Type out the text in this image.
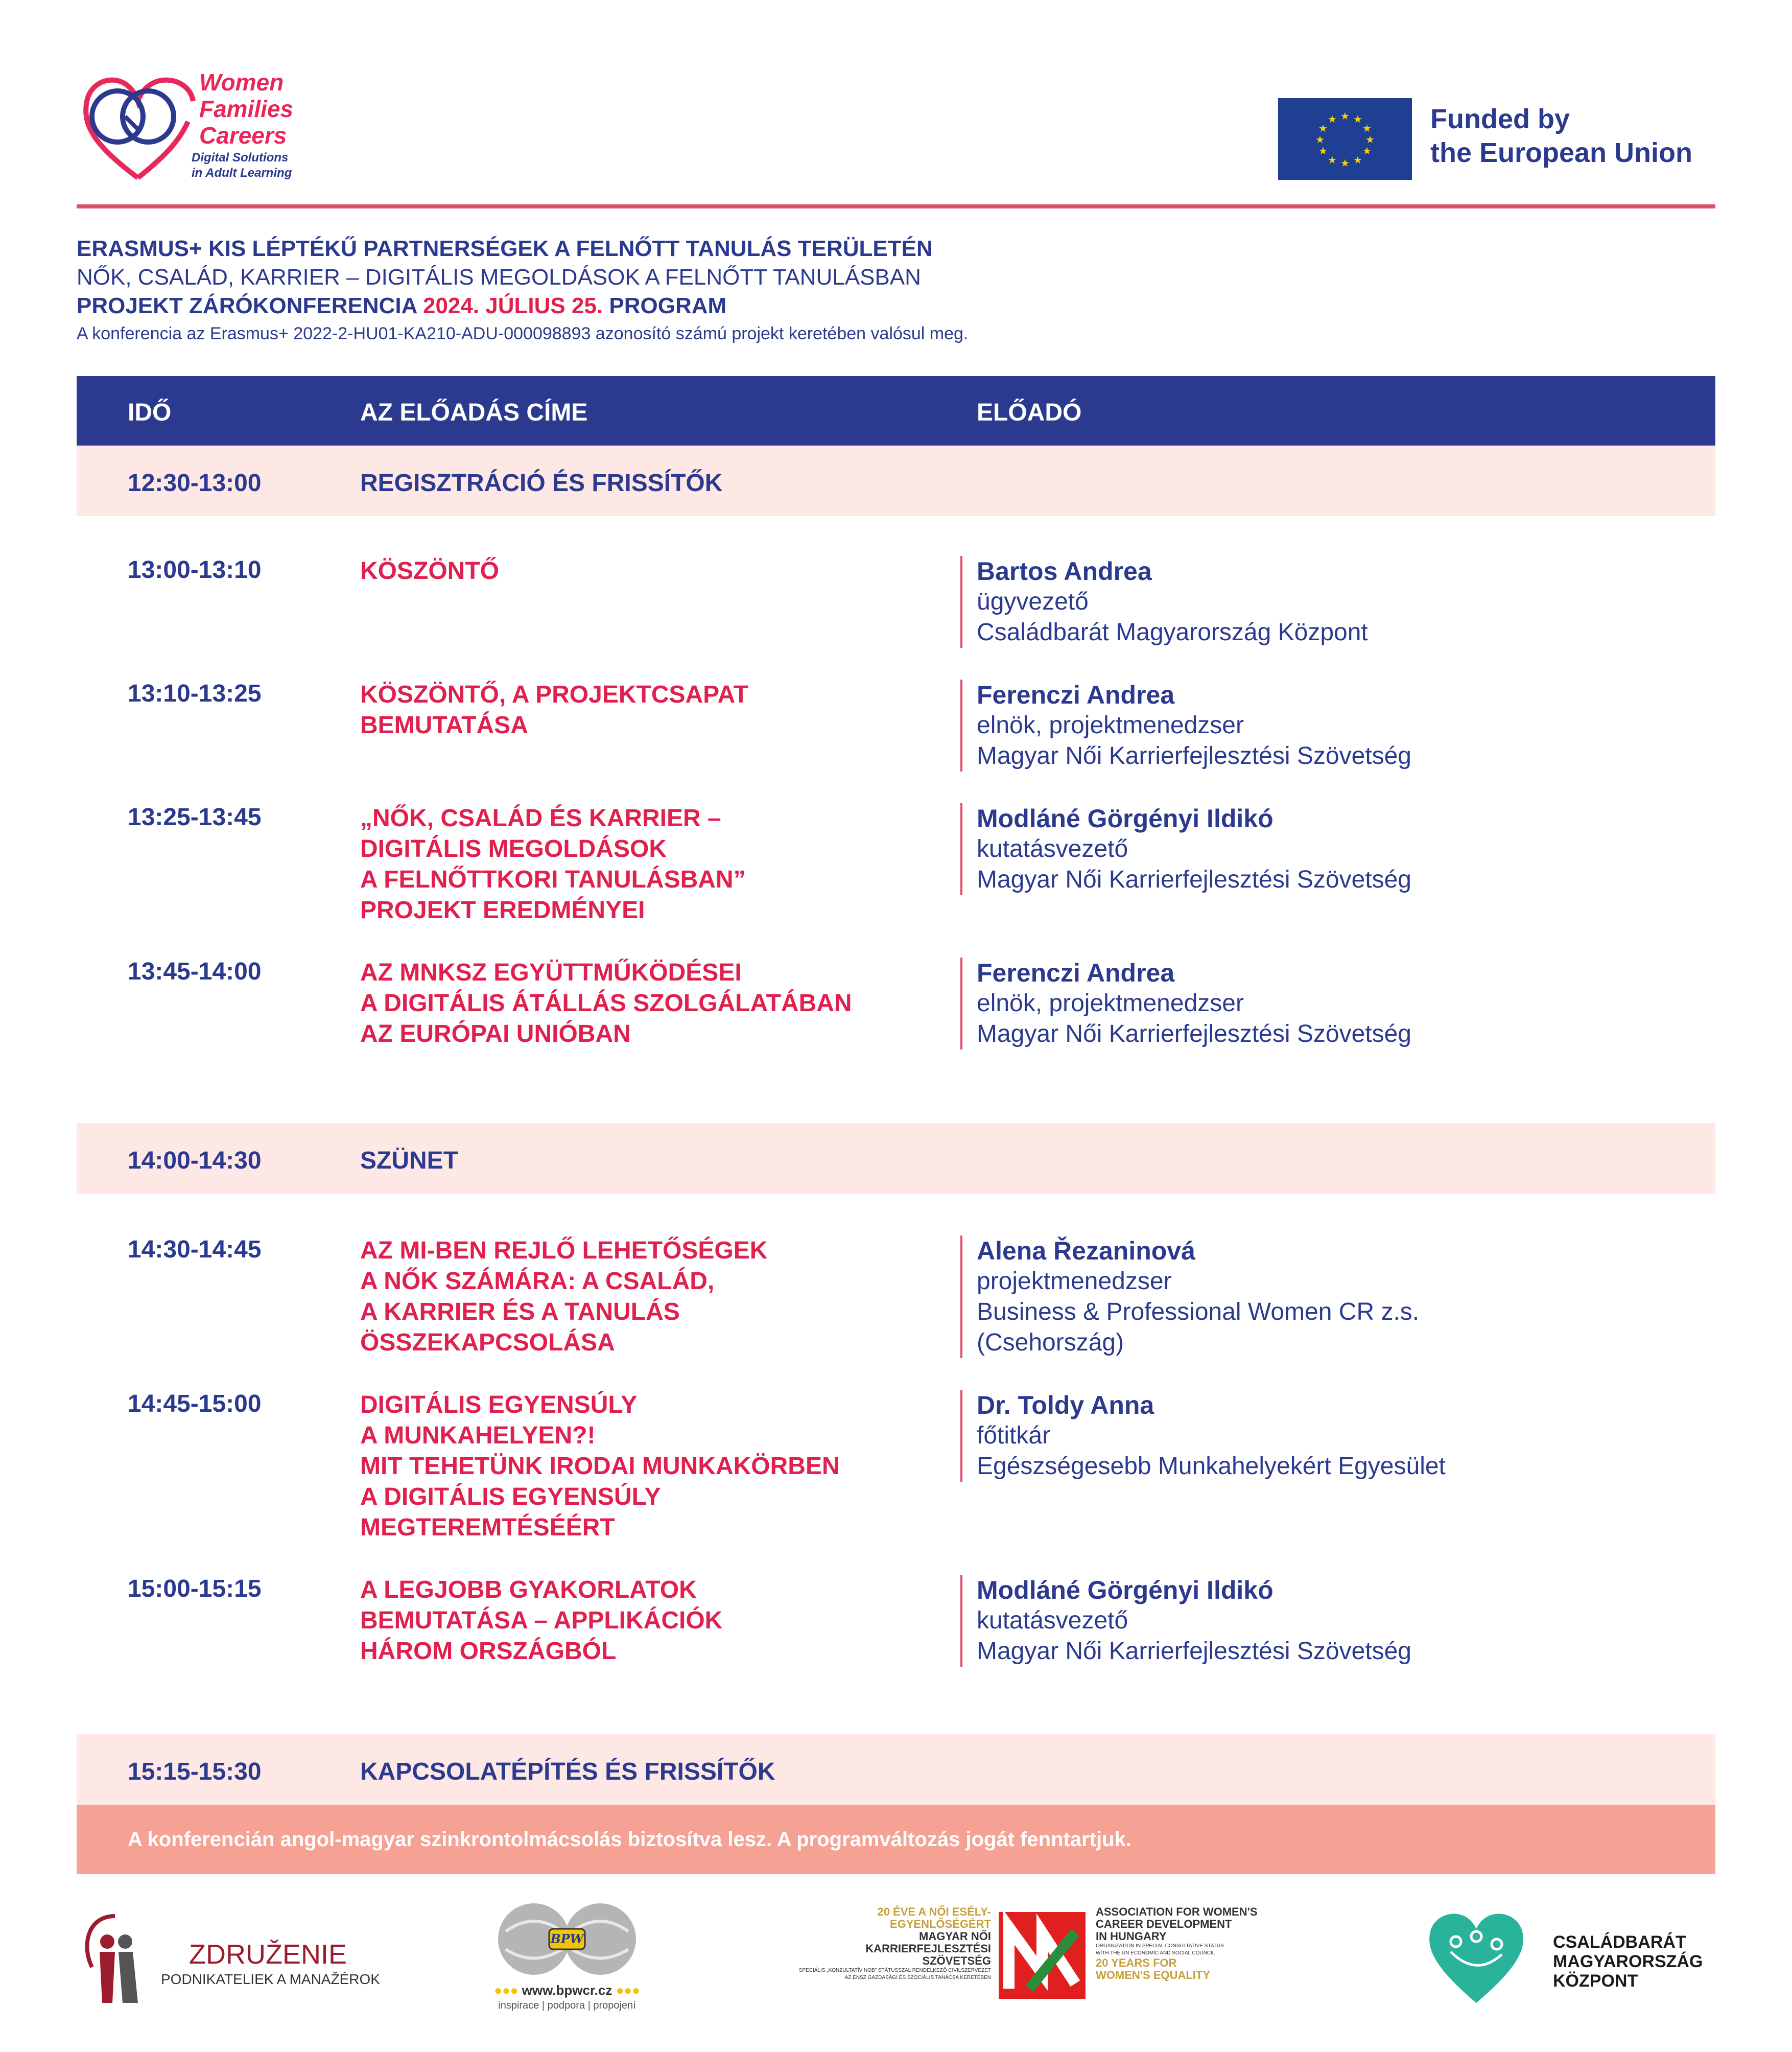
Women
Families
Careers
Digital Solutions
in Adult Learning
★ ★
★
★
★
★
★
★
★
★
★
★	Funded by
the European Union
ERASMUS+ KIS LÉPTÉKŰ PARTNERSÉGEK A FELNŐTT TANULÁS TERÜLETÉN
NŐK, CSALÁD, KARRIER – DIGITÁLIS MEGOLDÁSOK A FELNŐTT TANULÁSBAN
PROJEKT ZÁRÓKONFERENCIA 2024. JÚLIUS 25. PROGRAM
A konferencia az Erasmus+ 2022-2-HU01-KA210-ADU-000098893 azonosító számú projekt keretében valósul meg.
IDŐ	AZ ELŐADÁS CÍME	ELŐADÓ
12:30-13:00	REGISZTRÁCIÓ ÉS FRISSÍTŐK
13:00-13:10	KÖSZÖNTŐ	Bartos Andrea
ügyvezető
Családbarát Magyarország Központ
13:10-13:25	KÖSZÖNTŐ, A PROJEKTCSAPAT
BEMUTATÁSA
Ferenczi Andrea
elnök, projektmenedzser
Magyar Női Karrierfejlesztési Szövetség
13:25-13:45	„NŐK, CSALÁD ÉS KARRIER –
DIGITÁLIS MEGOLDÁSOK
A FELNŐTTKORI TANULÁSBAN”
PROJEKT EREDMÉNYEI
Modláné Görgényi Ildikó
kutatásvezető
Magyar Női Karrierfejlesztési Szövetség
13:45-14:00	AZ MNKSZ EGYÜTTMŰKÖDÉSEI
A DIGITÁLIS ÁTÁLLÁS SZOLGÁLATÁBAN
AZ EURÓPAI UNIÓBAN
Ferenczi Andrea
elnök, projektmenedzser
Magyar Női Karrierfejlesztési Szövetség
14:00-14:30	SZÜNET
14:30-14:45	AZ MI-BEN REJLŐ LEHETŐSÉGEK
A NŐK SZÁMÁRA: A CSALÁD,
A KARRIER ÉS A TANULÁS
ÖSSZEKAPCSOLÁSA
Alena Řezaninová
projektmenedzser
Business & Professional Women CR z.s.
(Csehország)
14:45-15:00	DIGITÁLIS EGYENSÚLY
A MUNKAHELYEN?!
MIT TEHETÜNK IRODAI MUNKAKÖRBEN
A DIGITÁLIS EGYENSÚLY
MEGTEREMTÉSÉÉRT
Dr. Toldy Anna
főtitkár
Egészségesebb Munkahelyekért Egyesület
15:00-15:15	A LEGJOBB GYAKORLATOK
BEMUTATÁSA – APPLIKÁCIÓK
HÁROM ORSZÁGBÓL
Modláné Görgényi Ildikó
kutatásvezető
Magyar Női Karrierfejlesztési Szövetség
15:15-15:30	KAPCSOLATÉPÍTÉS ÉS FRISSÍTŐK
A konferencián angol-magyar szinkrontolmácsolás biztosítva lesz. A programváltozás jogát fenntartjuk.
ZDRUŽENIE
PODNIKATELIEK A MANAŽÉROK
BPW
●●● www.bpwcr.cz ●●●
inspirace | podpora | propojení
20 ÉVE A NŐI ESÉLY-
EGYENLŐSÉGÉRT
MAGYAR NŐI
KARRIERFEJLESZTÉSI
SZÖVETSÉG
SPECIÁLIS „KONZULTATÍV NOB” STÁTUSSZAL RENDELKEZŐ CIVILSZERVEZET
AZ ENSZ GAZDASÁGI ÉS SZOCIÁLIS TANÁCSA KERETÉBEN
ASSOCIATION FOR WOMEN'S
CAREER DEVELOPMENT
IN HUNGARY
ORGANIZATION IN SPECIAL CONSULTATIVE STATUS
WITH THE UN ECONOMIC AND SOCIAL COUNCIL
20 YEARS FOR
WOMEN'S EQUALITY
CSALÁDBARÁT
MAGYARORSZÁG
KÖZPONT
